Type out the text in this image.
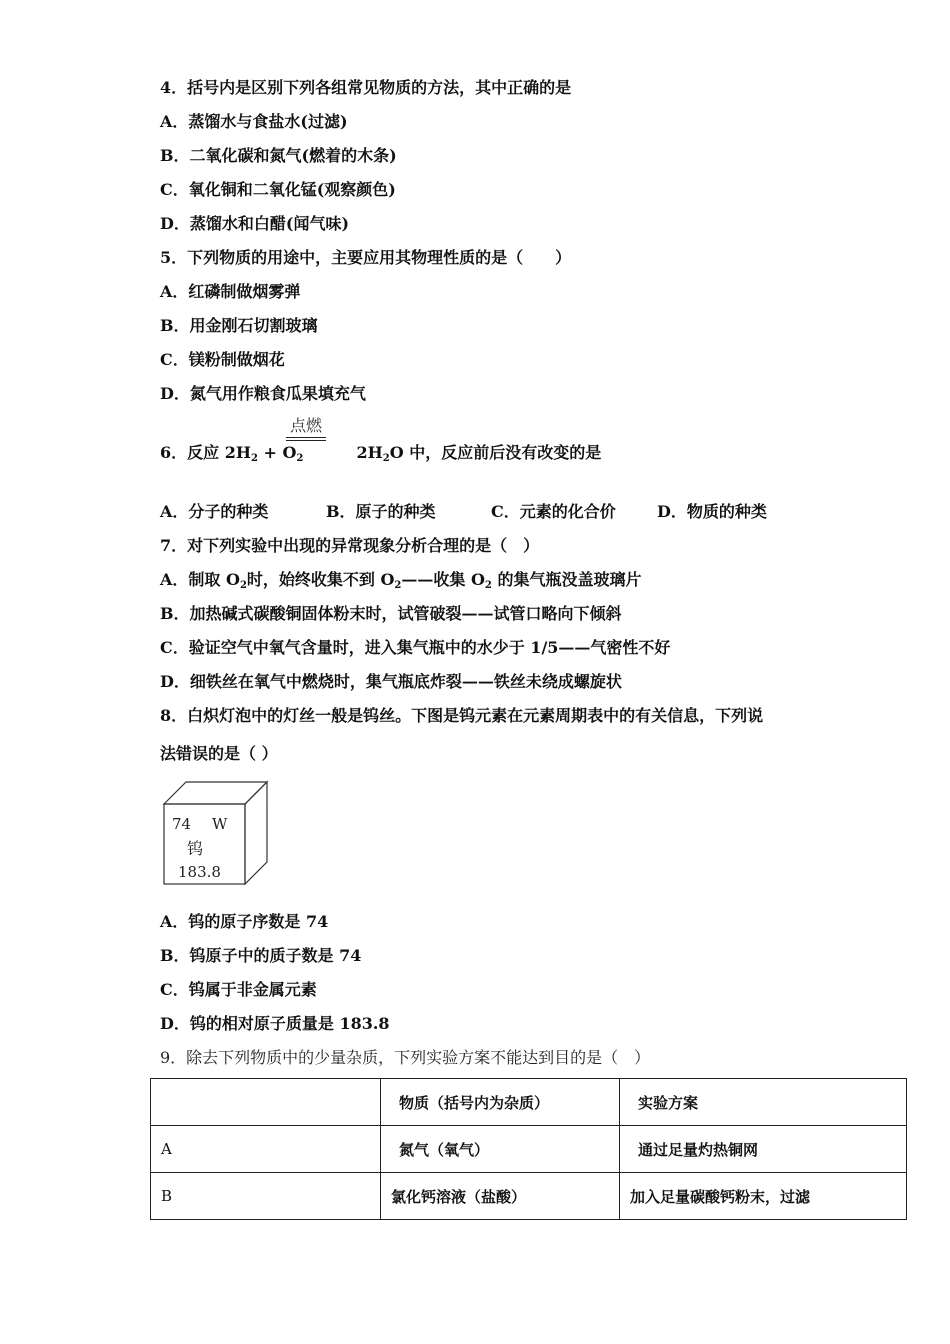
4．括号内是区别下列各组常见物质的方法，其中正确的是
A．蒸馏水与食盐水(过滤)
B．二氧化碳和氮气(燃着的木条)
C．氧化铜和二氧化锰(观察颜色)
D．蒸馏水和白醋(闻气味)
5．下列物质的用途中，主要应用其物理性质的是（　　）
A．红磷制做烟雾弹
B．用金刚石切割玻璃
C．镁粉制做烟花
D．氮气用作粮食瓜果填充气
6．反应 $2H_2 + O_2$	$2H_2O$ 中，反应前后没有改变的是
点燃
A．分子的种类	B．原子的种类	C．元素的化合价	D．物质的种类
7．对下列实验中出现的异常现象分析合理的是（　）
A．制取 $O_2$时，始终收集不到 $O_2——$收集 $O_2$ 的集气瓶没盖玻璃片
B．加热碱式碳酸铜固体粉末时，试管破裂——试管口略向下倾斜
C．验证空气中氧气含量时，进入集气瓶中的水少于 1/5——气密性不好
D．细铁丝在氧气中燃烧时，集气瓶底炸裂——铁丝未绕成螺旋状
8．白炽灯泡中的灯丝一般是钨丝。下图是钨元素在元素周期表中的有关信息，下列说
法错误的是（ ）
74 W
钨
183.8
A．钨的原子序数是 74
B．钨原子中的质子数是 74
C．钨属于非金属元素
D．钨的相对原子质量是 183.8
9．除去下列物质中的少量杂质，下列实验方案不能达到目的是（　）
	物质（括号内为杂质）	实验方案
A	氮气（氧气）	通过足量灼热铜网
B	氯化钙溶液（盐酸）	加入足量碳酸钙粉末，过滤
